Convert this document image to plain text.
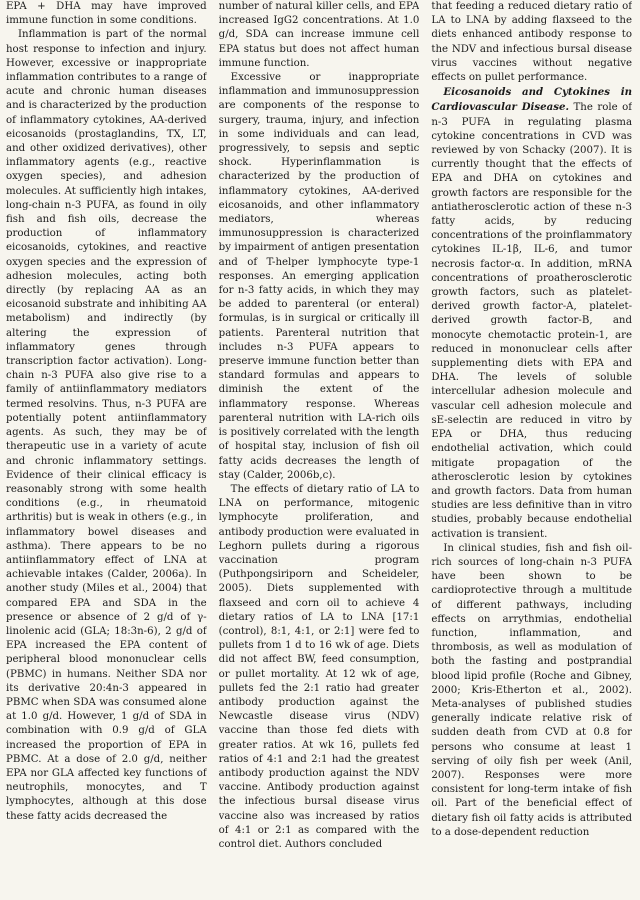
EPA + DHA may have improved immune function in some conditions.

Inflammation is part of the normal host response to infection and injury. However, excessive or inappropriate inflammation contributes to a range of acute and chronic human diseases and is characterized by the production of inflammatory cytokines, AA-derived eicosanoids (prostaglandins, TX, LT, and other oxidized derivatives), other inflammatory agents (e.g., reactive oxygen species), and adhesion molecules. At sufficiently high intakes, long-chain n-3 PUFA, as found in oily fish and fish oils, decrease the production of inflammatory eicosanoids, cytokines, and reactive oxygen species and the expression of adhesion molecules, acting both directly (by replacing AA as an eicosanoid substrate and inhibiting AA metabolism) and indirectly (by altering the expression of inflammatory genes through transcription factor activation). Long-chain n-3 PUFA also give rise to a family of antiinflammatory mediators termed resolvins. Thus, n-3 PUFA are potentially potent antiinflammatory agents. As such, they may be of therapeutic use in a variety of acute and chronic inflammatory settings. Evidence of their clinical efficacy is reasonably strong with some health conditions (e.g., in rheumatoid arthritis) but is weak in others (e.g., in inflammatory bowel diseases and asthma). There appears to be no antiinflammatory effect of LNA at achievable intakes (Calder, 2006a). In another study (Miles et al., 2004) that compared EPA and SDA in the presence or absence of 2 g/d of γ-linolenic acid (GLA; 18:3n-6), 2 g/d of EPA increased the EPA content of peripheral blood mononuclear cells (PBMC) in humans. Neither SDA nor its derivative 20:4n-3 appeared in PBMC when SDA was consumed alone at 1.0 g/d. However, 1 g/d of SDA in combination with 0.9 g/d of GLA increased the proportion of EPA in PBMC. At a dose of 2.0 g/d, neither EPA nor GLA affected key functions of neutrophils, monocytes, and T lymphocytes, although at this dose these fatty acids decreased the

number of natural killer cells, and EPA increased IgG2 concentrations. At 1.0 g/d, SDA can increase immune cell EPA status but does not affect human immune function.

Excessive or inappropriate inflammation and immunosuppression are components of the response to surgery, trauma, injury, and infection in some individuals and can lead, progressively, to sepsis and septic shock. Hyperinflammation is characterized by the production of inflammatory cytokines, AA-derived eicosanoids, and other inflammatory mediators, whereas immunosuppression is characterized by impairment of antigen presentation and of T-helper lymphocyte type-1 responses. An emerging application for n-3 fatty acids, in which they may be added to parenteral (or enteral) formulas, is in surgical or critically ill patients. Parenteral nutrition that includes n-3 PUFA appears to preserve immune function better than standard formulas and appears to diminish the extent of the inflammatory response. Whereas parenteral nutrition with LA-rich oils is positively correlated with the length of hospital stay, inclusion of fish oil fatty acids decreases the length of stay (Calder, 2006b,c).

The effects of dietary ratio of LA to LNA on performance, mitogenic lymphocyte proliferation, and antibody production were evaluated in Leghorn pullets during a rigorous vaccination program (Puthpongsiriporn and Scheideler, 2005). Diets supplemented with flaxseed and corn oil to achieve 4 dietary ratios of LA to LNA [17:1 (control), 8:1, 4:1, or 2:1] were fed to pullets from 1 d to 16 wk of age. Diets did not affect BW, feed consumption, or pullet mortality. At 12 wk of age, pullets fed the 2:1 ratio had greater antibody production against the Newcastle disease virus (NDV) vaccine than those fed diets with greater ratios. At wk 16, pullets fed ratios of 4:1 and 2:1 had the greatest antibody production against the NDV vaccine. Antibody production against the infectious bursal disease virus vaccine also was increased by ratios of 4:1 or 2:1 as compared with the control diet. Authors concluded

that feeding a reduced dietary ratio of LA to LNA by adding flaxseed to the diets enhanced antibody response to the NDV and infectious bursal disease virus vaccines without negative effects on pullet performance.

Eicosanoids and Cytokines in Cardiovascular Disease. The role of n-3 PUFA in regulating plasma cytokine concentrations in CVD was reviewed by von Schacky (2007). It is currently thought that the effects of EPA and DHA on cytokines and growth factors are responsible for the antiatherosclerotic action of these n-3 fatty acids, by reducing concentrations of the proinflammatory cytokines IL-1β, IL-6, and tumor necrosis factor-α. In addition, mRNA concentrations of proatherosclerotic growth factors, such as platelet-derived growth factor-A, platelet-derived growth factor-B, and monocyte chemotactic protein-1, are reduced in mononuclear cells after supplementing diets with EPA and DHA. The levels of soluble intercellular adhesion molecule and vascular cell adhesion molecule and sE-selectin are reduced in vitro by EPA or DHA, thus reducing endothelial activation, which could mitigate propagation of the atherosclerotic lesion by cytokines and growth factors. Data from human studies are less definitive than in vitro studies, probably because endothelial activation is transient.

In clinical studies, fish and fish oil-rich sources of long-chain n-3 PUFA have been shown to be cardioprotective through a multitude of different pathways, including effects on arrythmias, endothelial function, inflammation, and thrombosis, as well as modulation of both the fasting and postprandial blood lipid profile (Roche and Gibney, 2000; Kris-Etherton et al., 2002). Meta-analyses of published studies generally indicate relative risk of sudden death from CVD at 0.8 for persons who consume at least 1 serving of oily fish per week (Anil, 2007). Responses were more consistent for long-term intake of fish oil. Part of the beneficial effect of dietary fish oil fatty acids is attributed to a dose-dependent reduction
